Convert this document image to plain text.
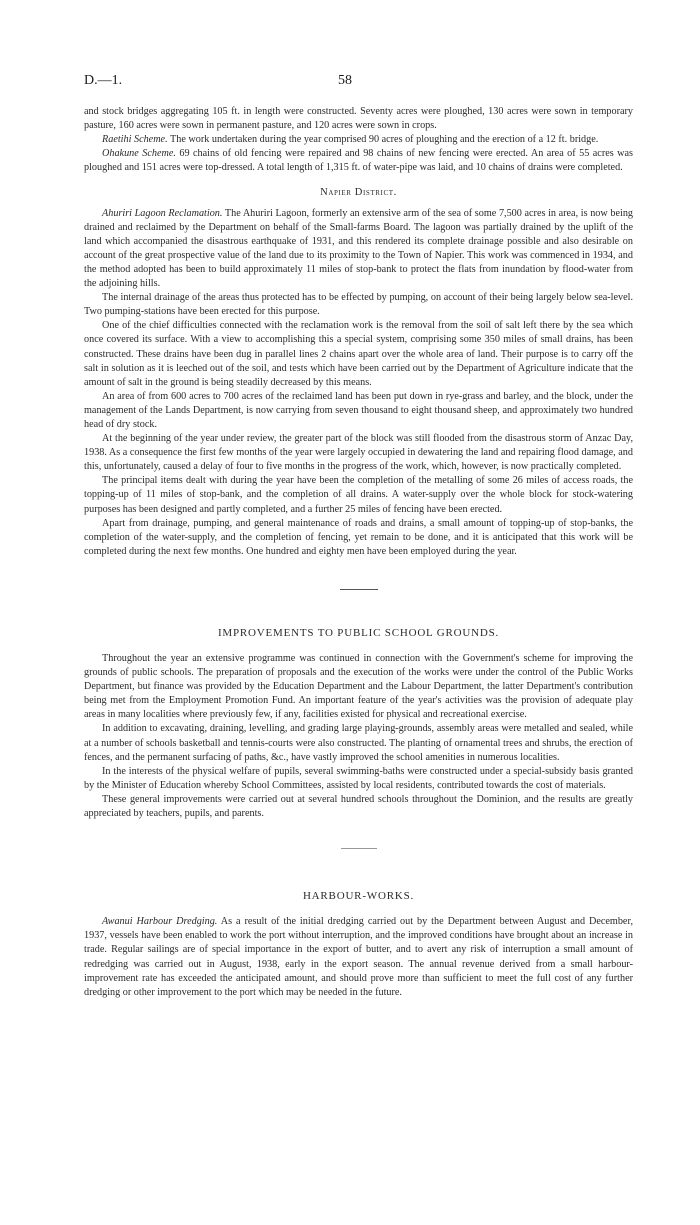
D.—1.	58

and stock bridges aggregating 105 ft. in length were constructed. Seventy acres were ploughed, 130 acres were sown in temporary pasture, 160 acres were sown in permanent pasture, and 120 acres were sown in crops.

Raetihi Scheme. The work undertaken during the year comprised 90 acres of ploughing and the erection of a 12 ft. bridge.

Ohakune Scheme. 69 chains of old fencing were repaired and 98 chains of new fencing were erected. An area of 55 acres was ploughed and 151 acres were top-dressed. A total length of 1,315 ft. of water-pipe was laid, and 10 chains of drains were completed.

Napier District.

Ahuriri Lagoon Reclamation. The Ahuriri Lagoon, formerly an extensive arm of the sea of some 7,500 acres in area, is now being drained and reclaimed by the Department on behalf of the Small-farms Board. The lagoon was partially drained by the uplift of the land which accompanied the disastrous earthquake of 1931, and this rendered its complete drainage possible and also desirable on account of the great prospective value of the land due to its proximity to the Town of Napier. This work was commenced in 1934, and the method adopted has been to build approximately 11 miles of stop-bank to protect the flats from inundation by flood-water from the adjoining hills.

The internal drainage of the areas thus protected has to be effected by pumping, on account of their being largely below sea-level. Two pumping-stations have been erected for this purpose.

One of the chief difficulties connected with the reclamation work is the removal from the soil of salt left there by the sea which once covered its surface. With a view to accomplishing this a special system, comprising some 350 miles of small drains, has been constructed. These drains have been dug in parallel lines 2 chains apart over the whole area of land. Their purpose is to carry off the salt in solution as it is leeched out of the soil, and tests which have been carried out by the Department of Agriculture indicate that the amount of salt in the ground is being steadily decreased by this means.

An area of from 600 acres to 700 acres of the reclaimed land has been put down in rye-grass and barley, and the block, under the management of the Lands Department, is now carrying from seven thousand to eight thousand sheep, and approximately two hundred head of dry stock.

At the beginning of the year under review, the greater part of the block was still flooded from the disastrous storm of Anzac Day, 1938. As a consequence the first few months of the year were largely occupied in dewatering the land and repairing flood damage, and this, unfortunately, caused a delay of four to five months in the progress of the work, which, however, is now practically completed.

The principal items dealt with during the year have been the completion of the metalling of some 26 miles of access roads, the topping-up of 11 miles of stop-bank, and the completion of all drains. A water-supply over the whole block for stock-watering purposes has been designed and partly completed, and a further 25 miles of fencing have been erected.

Apart from drainage, pumping, and general maintenance of roads and drains, a small amount of topping-up of stop-banks, the completion of the water-supply, and the completion of fencing, yet remain to be done, and it is anticipated that this work will be completed during the next few months. One hundred and eighty men have been employed during the year.

IMPROVEMENTS TO PUBLIC SCHOOL GROUNDS.

Throughout the year an extensive programme was continued in connection with the Government's scheme for improving the grounds of public schools. The preparation of proposals and the execution of the works were under the control of the Public Works Department, but finance was provided by the Education Department and the Labour Department, the latter Department's contribution being met from the Employment Promotion Fund. An important feature of the year's activities was the provision of adequate play areas in many localities where previously few, if any, facilities existed for physical and recreational exercise.

In addition to excavating, draining, levelling, and grading large playing-grounds, assembly areas were metalled and sealed, while at a number of schools basketball and tennis-courts were also constructed. The planting of ornamental trees and shrubs, the erection of fences, and the permanent surfacing of paths, &c., have vastly improved the school amenities in numerous localities.

In the interests of the physical welfare of pupils, several swimming-baths were constructed under a special-subsidy basis granted by the Minister of Education whereby School Committees, assisted by local residents, contributed towards the cost of materials.

These general improvements were carried out at several hundred schools throughout the Dominion, and the results are greatly appreciated by teachers, pupils, and parents.

HARBOUR-WORKS.

Awanui Harbour Dredging. As a result of the initial dredging carried out by the Department between August and December, 1937, vessels have been enabled to work the port without interruption, and the improved conditions have brought about an increase in trade. Regular sailings are of special importance in the export of butter, and to avert any risk of interruption a small amount of redredging was carried out in August, 1938, early in the export season. The annual revenue derived from a small harbour-improvement rate has exceeded the anticipated amount, and should prove more than sufficient to meet the full cost of any further dredging or other improvement to the port which may be needed in the future.
